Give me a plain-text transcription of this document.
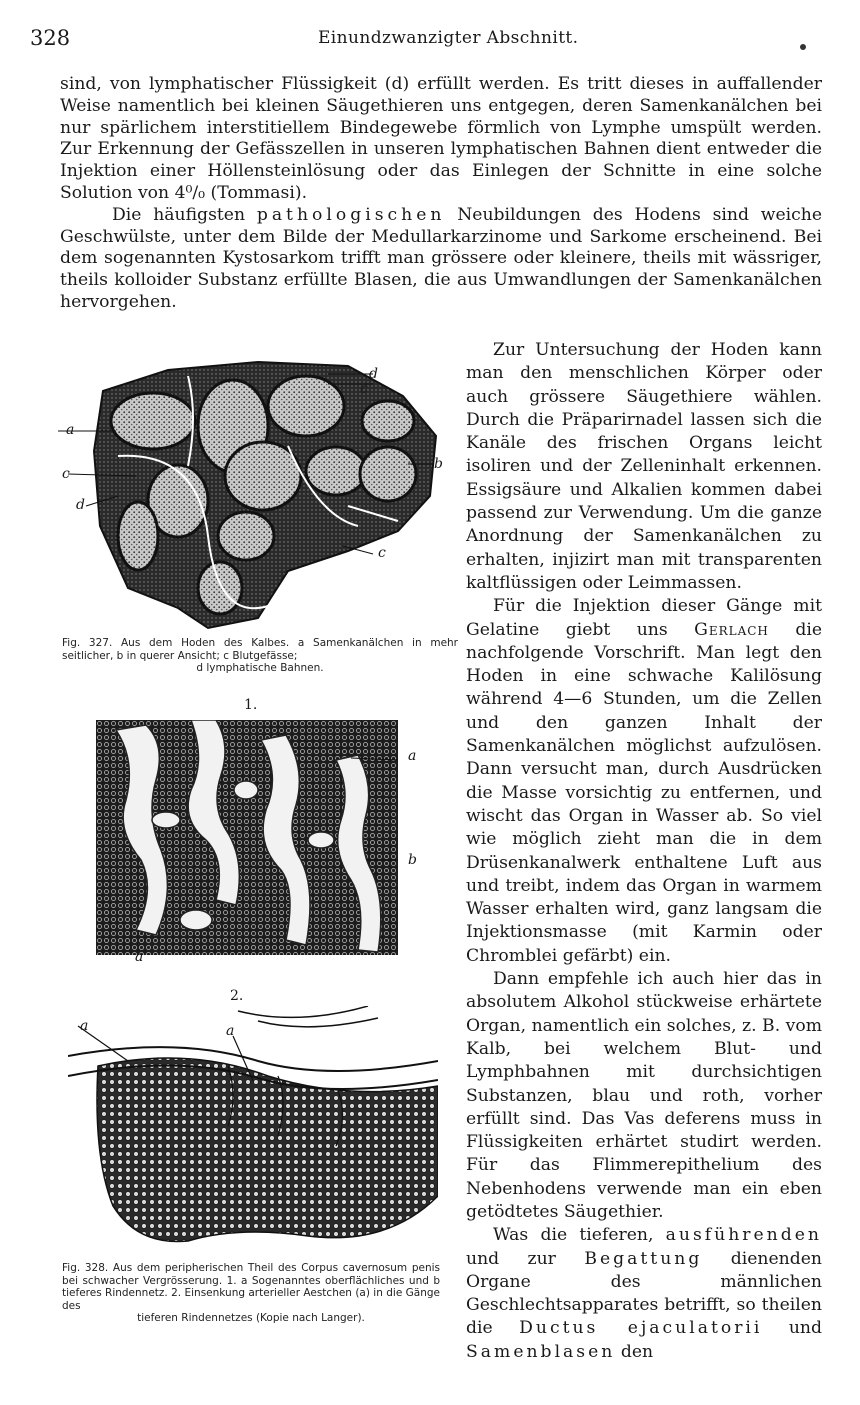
328	Einundzwanzigter Abschnitt.

sind, von lymphatischer Flüssigkeit (d) erfüllt werden. Es tritt dieses in auffallender Weise namentlich bei kleinen Säugethieren uns entgegen, deren Samenkanälchen bei nur spärlichem interstitiellem Bindegewebe förmlich von Lymphe umspült werden. Zur Erkennung der Gefässzellen in unseren lymphatischen Bahnen dient entweder die Injektion einer Höllensteinlösung oder das Einlegen der Schnitte in eine solche Solution von 4⁰/₀ (Tommasi).

Die häufigsten pathologischen Neubildungen des Hodens sind weiche Geschwülste, unter dem Bilde der Medullarkarzinome und Sarkome erscheinend. Bei dem sogenannten Kystosarkom trifft man grössere oder kleinere, theils mit wässriger, theils kolloider Substanz erfüllte Blasen, die aus Umwandlungen der Samenkanälchen hervorgehen.

Zur Untersuchung der Hoden kann man den menschlichen Körper oder auch grössere Säugethiere wählen. Durch die Präparirnadel lassen sich die Kanäle des frischen Organs leicht isoliren und der Zelleninhalt erkennen. Essigsäure und Alkalien kommen dabei passend zur Verwendung. Um die ganze Anordnung der Samenkanälchen zu erhalten, injizirt man mit transparenten kaltflüssigen oder Leimmassen.

Für die Injektion dieser Gänge mit Gelatine giebt uns Gerlach die nachfolgende Vorschrift. Man legt den Hoden in eine schwache Kalilösung während 4—6 Stunden, um die Zellen und den ganzen Inhalt der Samenkanälchen möglichst aufzulösen. Dann versucht man, durch Ausdrücken die Masse vorsichtig zu entfernen, und wischt das Organ in Wasser ab. So viel wie möglich zieht man die in dem Drüsenkanalwerk enthaltene Luft aus und treibt, indem das Organ in warmem Wasser erhalten wird, ganz langsam die Injektionsmasse (mit Karmin oder Chromblei gefärbt) ein.

Dann empfehle ich auch hier das in absolutem Alkohol stückweise erhärtete Organ, namentlich ein solches, z. B. vom Kalb, bei welchem Blut- und Lymphbahnen mit durchsichtigen Substanzen, blau und roth, vorher erfüllt sind. Das Vas deferens muss in Flüssigkeiten erhärtet studirt werden. Für das Flimmerepithelium des Nebenhodens verwende man ein eben getödtetes Säugethier.

Was die tieferen, ausführenden und zur Begattung dienenden Organe des männlichen Geschlechtsapparates betrifft, so theilen die Ductus ejaculatorii und Samenblasen den

a
c
d
d
c
b
c
Fig. 327. Aus dem Hoden des Kalbes. a Samenkanälchen in mehr seitlicher, b in querer Ansicht; c Blutgefässe;
d lymphatische Bahnen.
1.
a
b
a
2.
a	a
Fig. 328. Aus dem peripherischen Theil des Corpus cavernosum penis bei schwacher Vergrösserung. 1. a Sogenanntes oberflächliches und b tieferes Rindennetz. 2. Einsenkung arterieller Aestchen (a) in die Gänge des
tieferen Rindennetzes (Kopie nach Langer).
